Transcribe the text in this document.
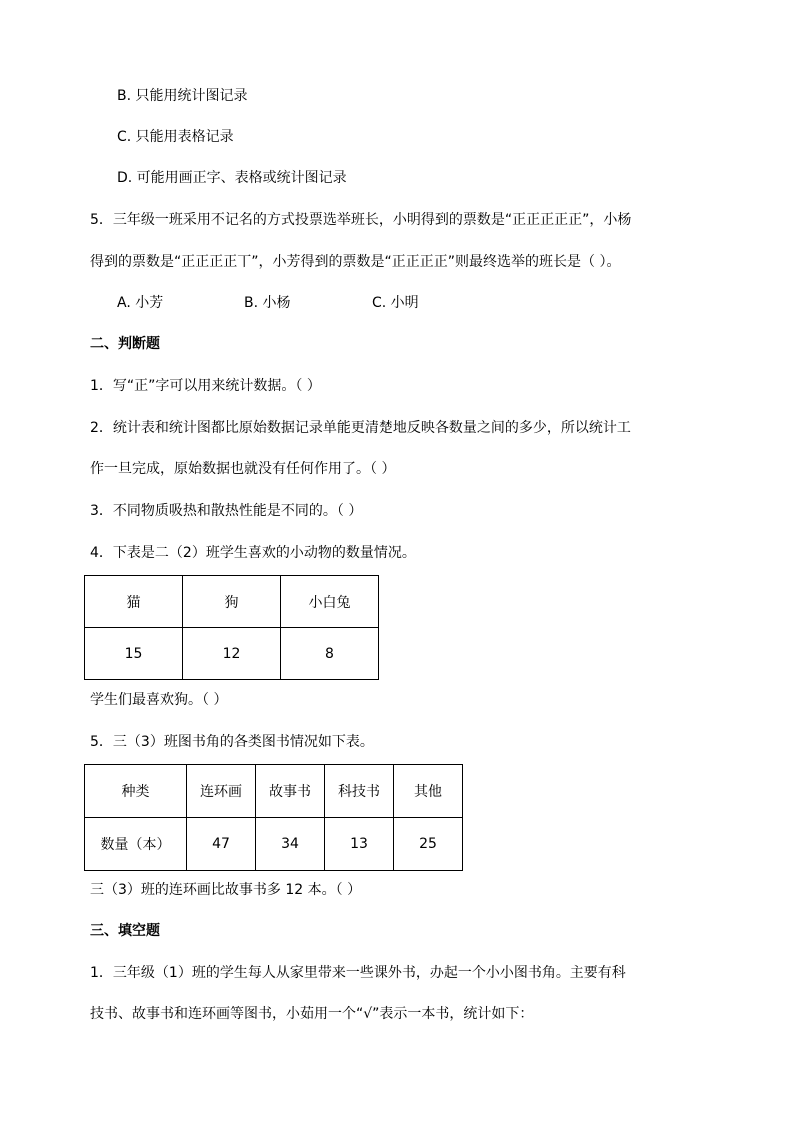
B. 只能用统计图记录
C. 只能用表格记录
D. 可能用画正字、表格或统计图记录
5．三年级一班采用不记名的方式投票选举班长，小明得到的票数是“正正正正正”，小杨
得到的票数是“正正正正丅”，小芳得到的票数是“正正正正”则最终选举的班长是（ ）。
A. 小芳	B. 小杨	C. 小明
二、判断题
1．写“正”字可以用来统计数据。（ ）
2．统计表和统计图都比原始数据记录单能更清楚地反映各数量之间的多少，所以统计工
作一旦完成，原始数据也就没有任何作用了。（ ）
3．不同物质吸热和散热性能是不同的。（ ）
4．下表是二（2）班学生喜欢的小动物的数量情况。
猫	狗	小白兔
15	12	8
学生们最喜欢狗。（ ）
5．三（3）班图书角的各类图书情况如下表。
种类	连环画	故事书	科技书	其他
数量（本）	47	34	13	25
三（3）班的连环画比故事书多 12 本。（ ）
三、填空题
1．三年级（1）班的学生每人从家里带来一些课外书，办起一个小小图书角。主要有科
技书、故事书和连环画等图书，小茹用一个“√”表示一本书，统计如下：
